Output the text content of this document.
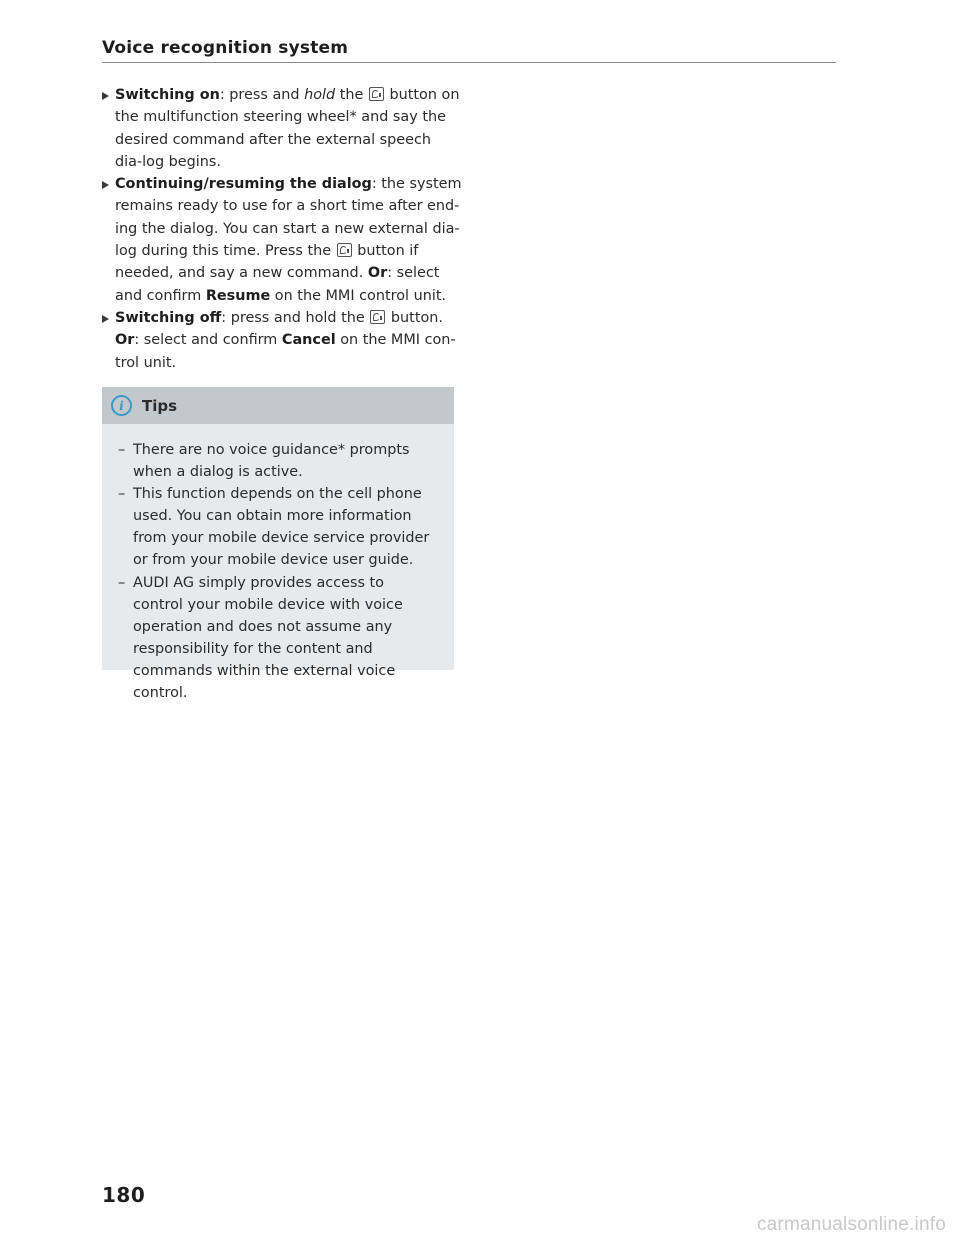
Voice recognition system

Switching on: press and hold the  button on the multifunction steering wheel* and say the desired command after the external speech dia-log begins.

Continuing/resuming the dialog: the system remains ready to use for a short time after end-ing the dialog. You can start a new external dia-log during this time. Press the  button if needed, and say a new command. Or: select and confirm Resume on the MMI control unit.

Switching off: press and hold the  button.
Or: select and confirm Cancel on the MMI con-trol unit.

i	Tips
– There are no voice guidance* prompts when a dialog is active.
– This function depends on the cell phone used. You can obtain more information from your mobile device service provider or from your mobile device user guide.
– AUDI AG simply provides access to control your mobile device with voice operation and does not assume any responsibility for the content and commands within the external voice control.
180
carmanualsonline.info
